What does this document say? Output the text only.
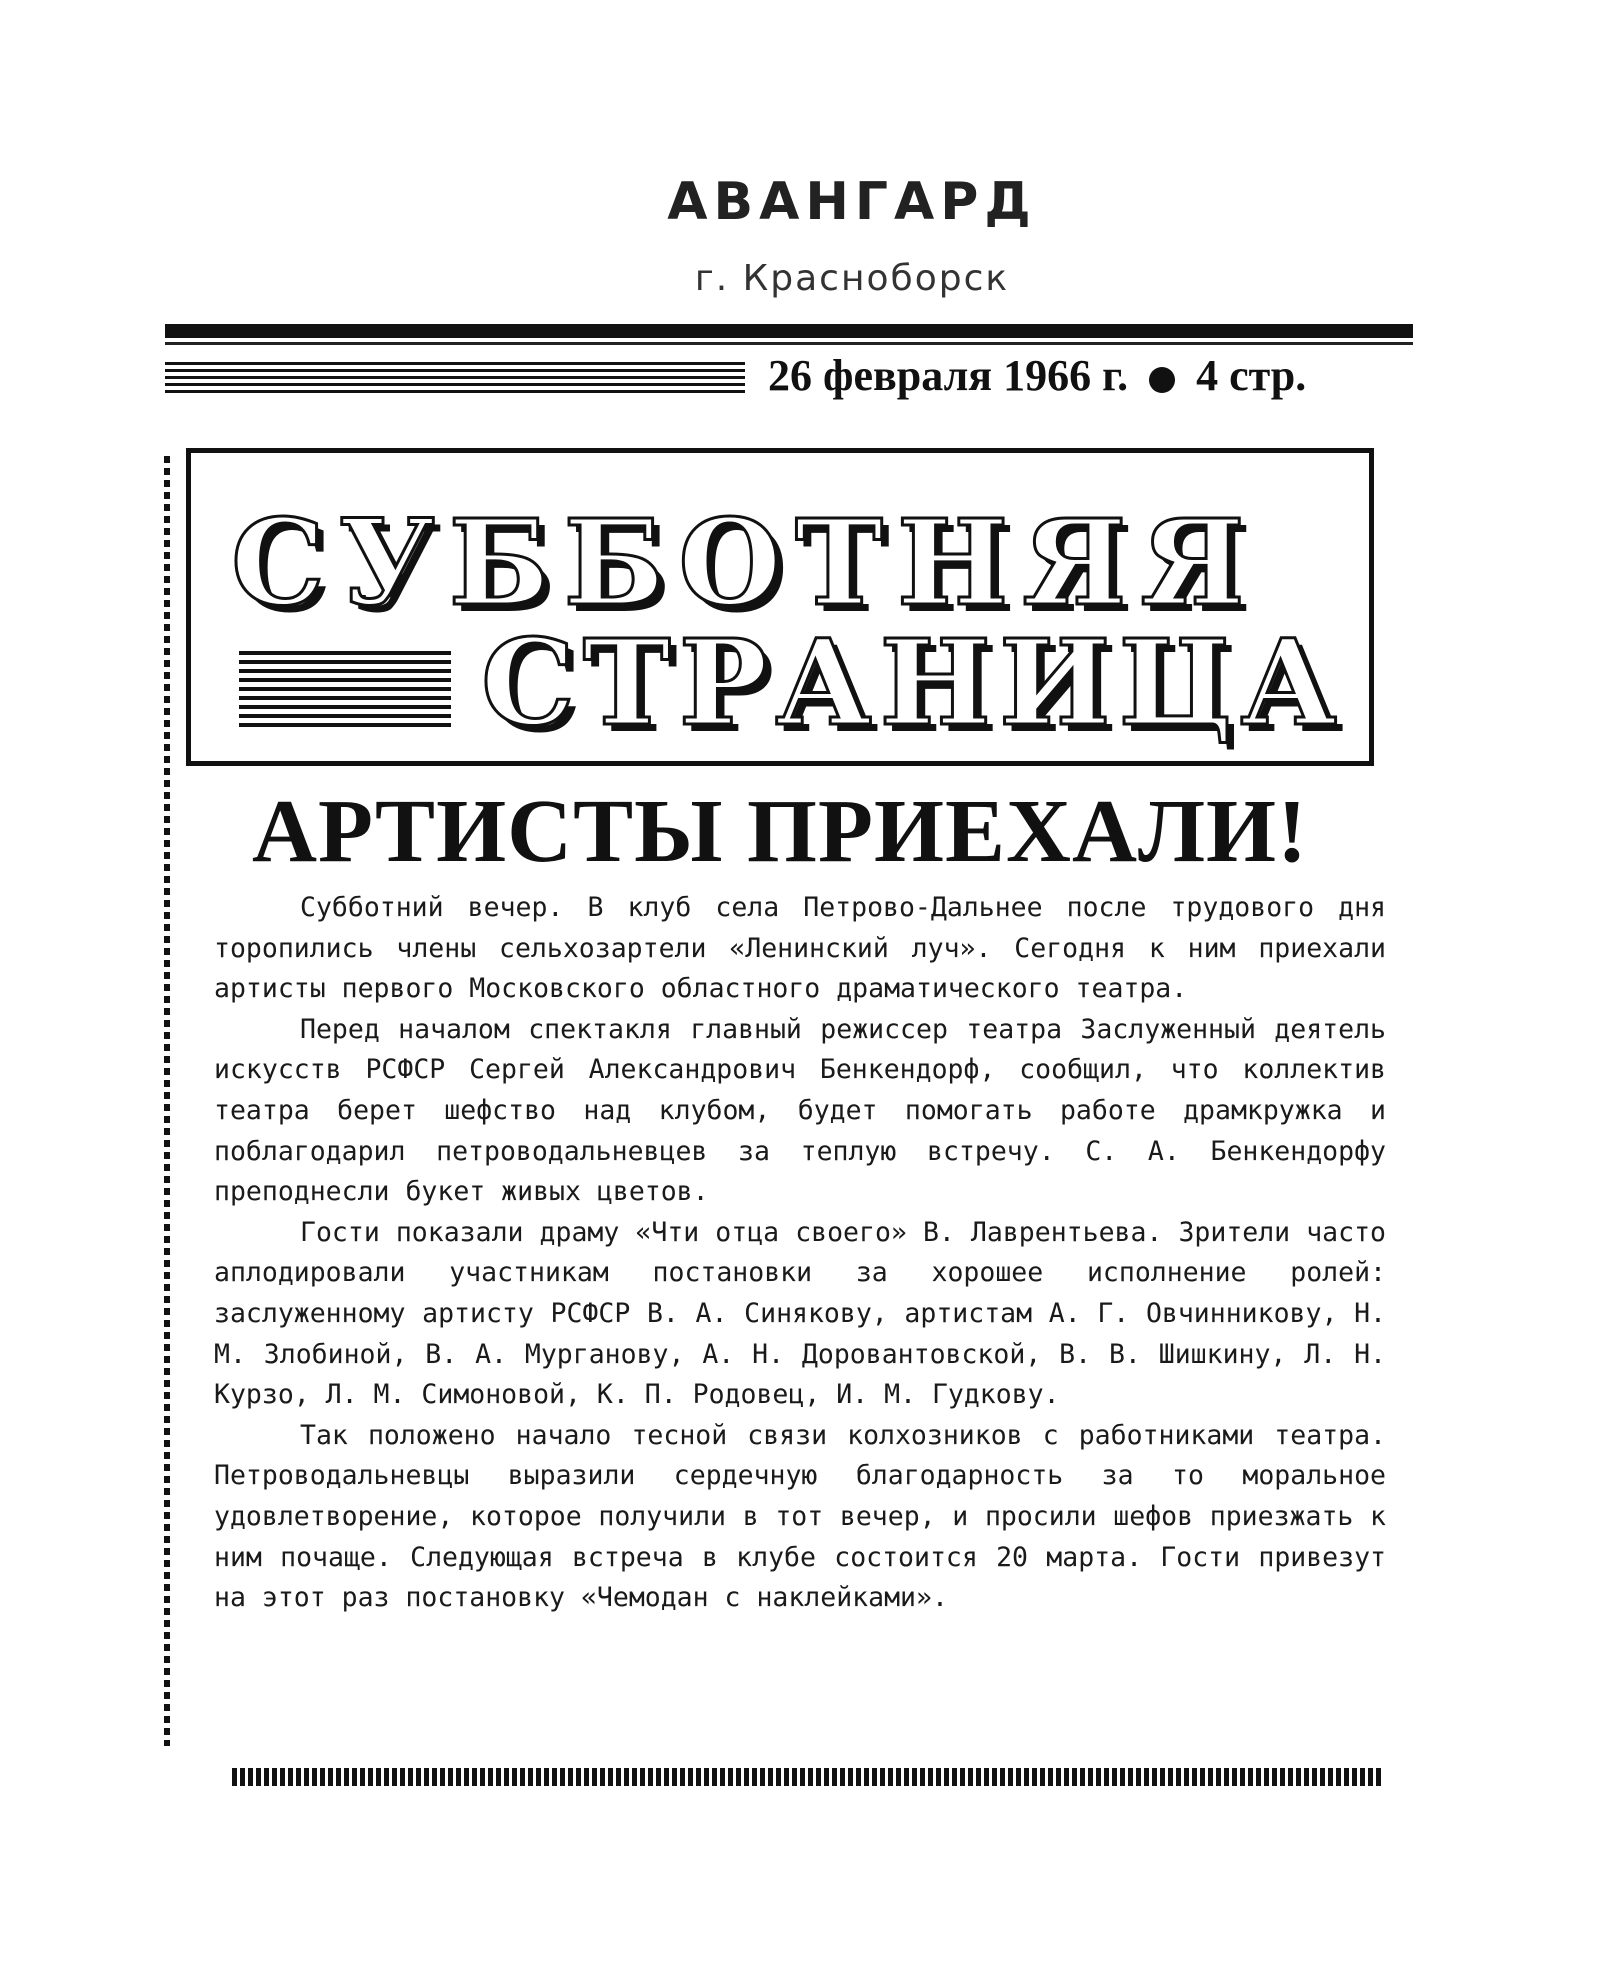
АВАНГАРД
г. Красноборск
26 февраля 1966 г. 4 стр.
СУББОТНЯЯ
СТРАНИЦА
АРТИСТЫ ПРИЕХАЛИ!

Субботний вечер. В клуб села Петрово-Дальнее после трудового дня торопились члены сельхозартели «Ленинский луч». Сегодня к ним приехали артисты первого Московского областного драматического театра.

Перед началом спектакля главный режиссер театра Заслуженный деятель искусств РСФСР Сергей Александрович Бенкендорф, сообщил, что коллектив театра берет шефство над клубом, будет помогать работе драмкружка и поблагодарил петроводальневцев за теплую встречу. С. А. Бенкендорфу преподнесли букет живых цветов.

Гости показали драму «Чти отца своего» В. Лаврентьева. Зрители часто аплодировали участникам постановки за хорошее исполнение ролей: заслуженному артисту РСФСР В. А. Синякову, артистам А. Г. Овчинникову, Н. М. Злобиной, В. А. Мурганову, А. Н. Доровантовской, В. В. Шишкину, Л. Н. Курзо, Л. М. Симоновой, К. П. Родовец, И. М. Гудкову.

Так положено начало тесной связи колхозников с работниками театра. Петроводальневцы выразили сердечную благодарность за то моральное удовлетворение, которое получили в тот вечер, и просили шефов приезжать к ним почаще. Следующая встреча в клубе состоится 20 марта. Гости привезут на этот раз постановку «Чемодан с наклейками».
